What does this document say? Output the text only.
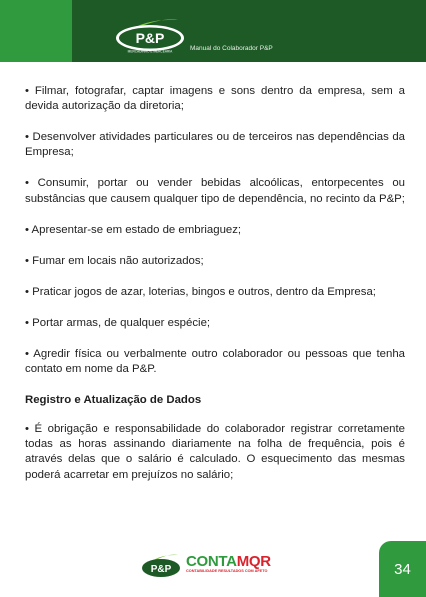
P&P
MERCADINHO E MERCEARIA	Manual do Colaborador P&P

• Filmar, fotografar, captar imagens e sons dentro da empresa, sem a devida autorização da diretoria;

• Desenvolver atividades particulares ou de terceiros nas dependências da Empresa;

• Consumir, portar ou vender bebidas alcoólicas, entorpecentes ou substâncias que causem qualquer tipo de dependência, no recinto da P&P;

• Apresentar-se em estado de embriaguez;

• Fumar em locais não autorizados;

• Praticar jogos de azar, loterias, bingos e outros, dentro da Empresa;

• Portar armas, de qualquer espécie;

• Agredir física ou verbalmente outro colaborador ou pessoas que tenha contato em nome da P&P.

Registro e Atualização de Dados

• É obrigação e responsabilidade do colaborador registrar corretamente todas as horas assinando diariamente na folha de frequência, pois é através delas que o salário é calculado. O esquecimento das mesmas poderá acarretar em prejuízos no salário;

P&P CONTAMQR
CONTABILIDADE RESULTADOS COM AFETO	34
